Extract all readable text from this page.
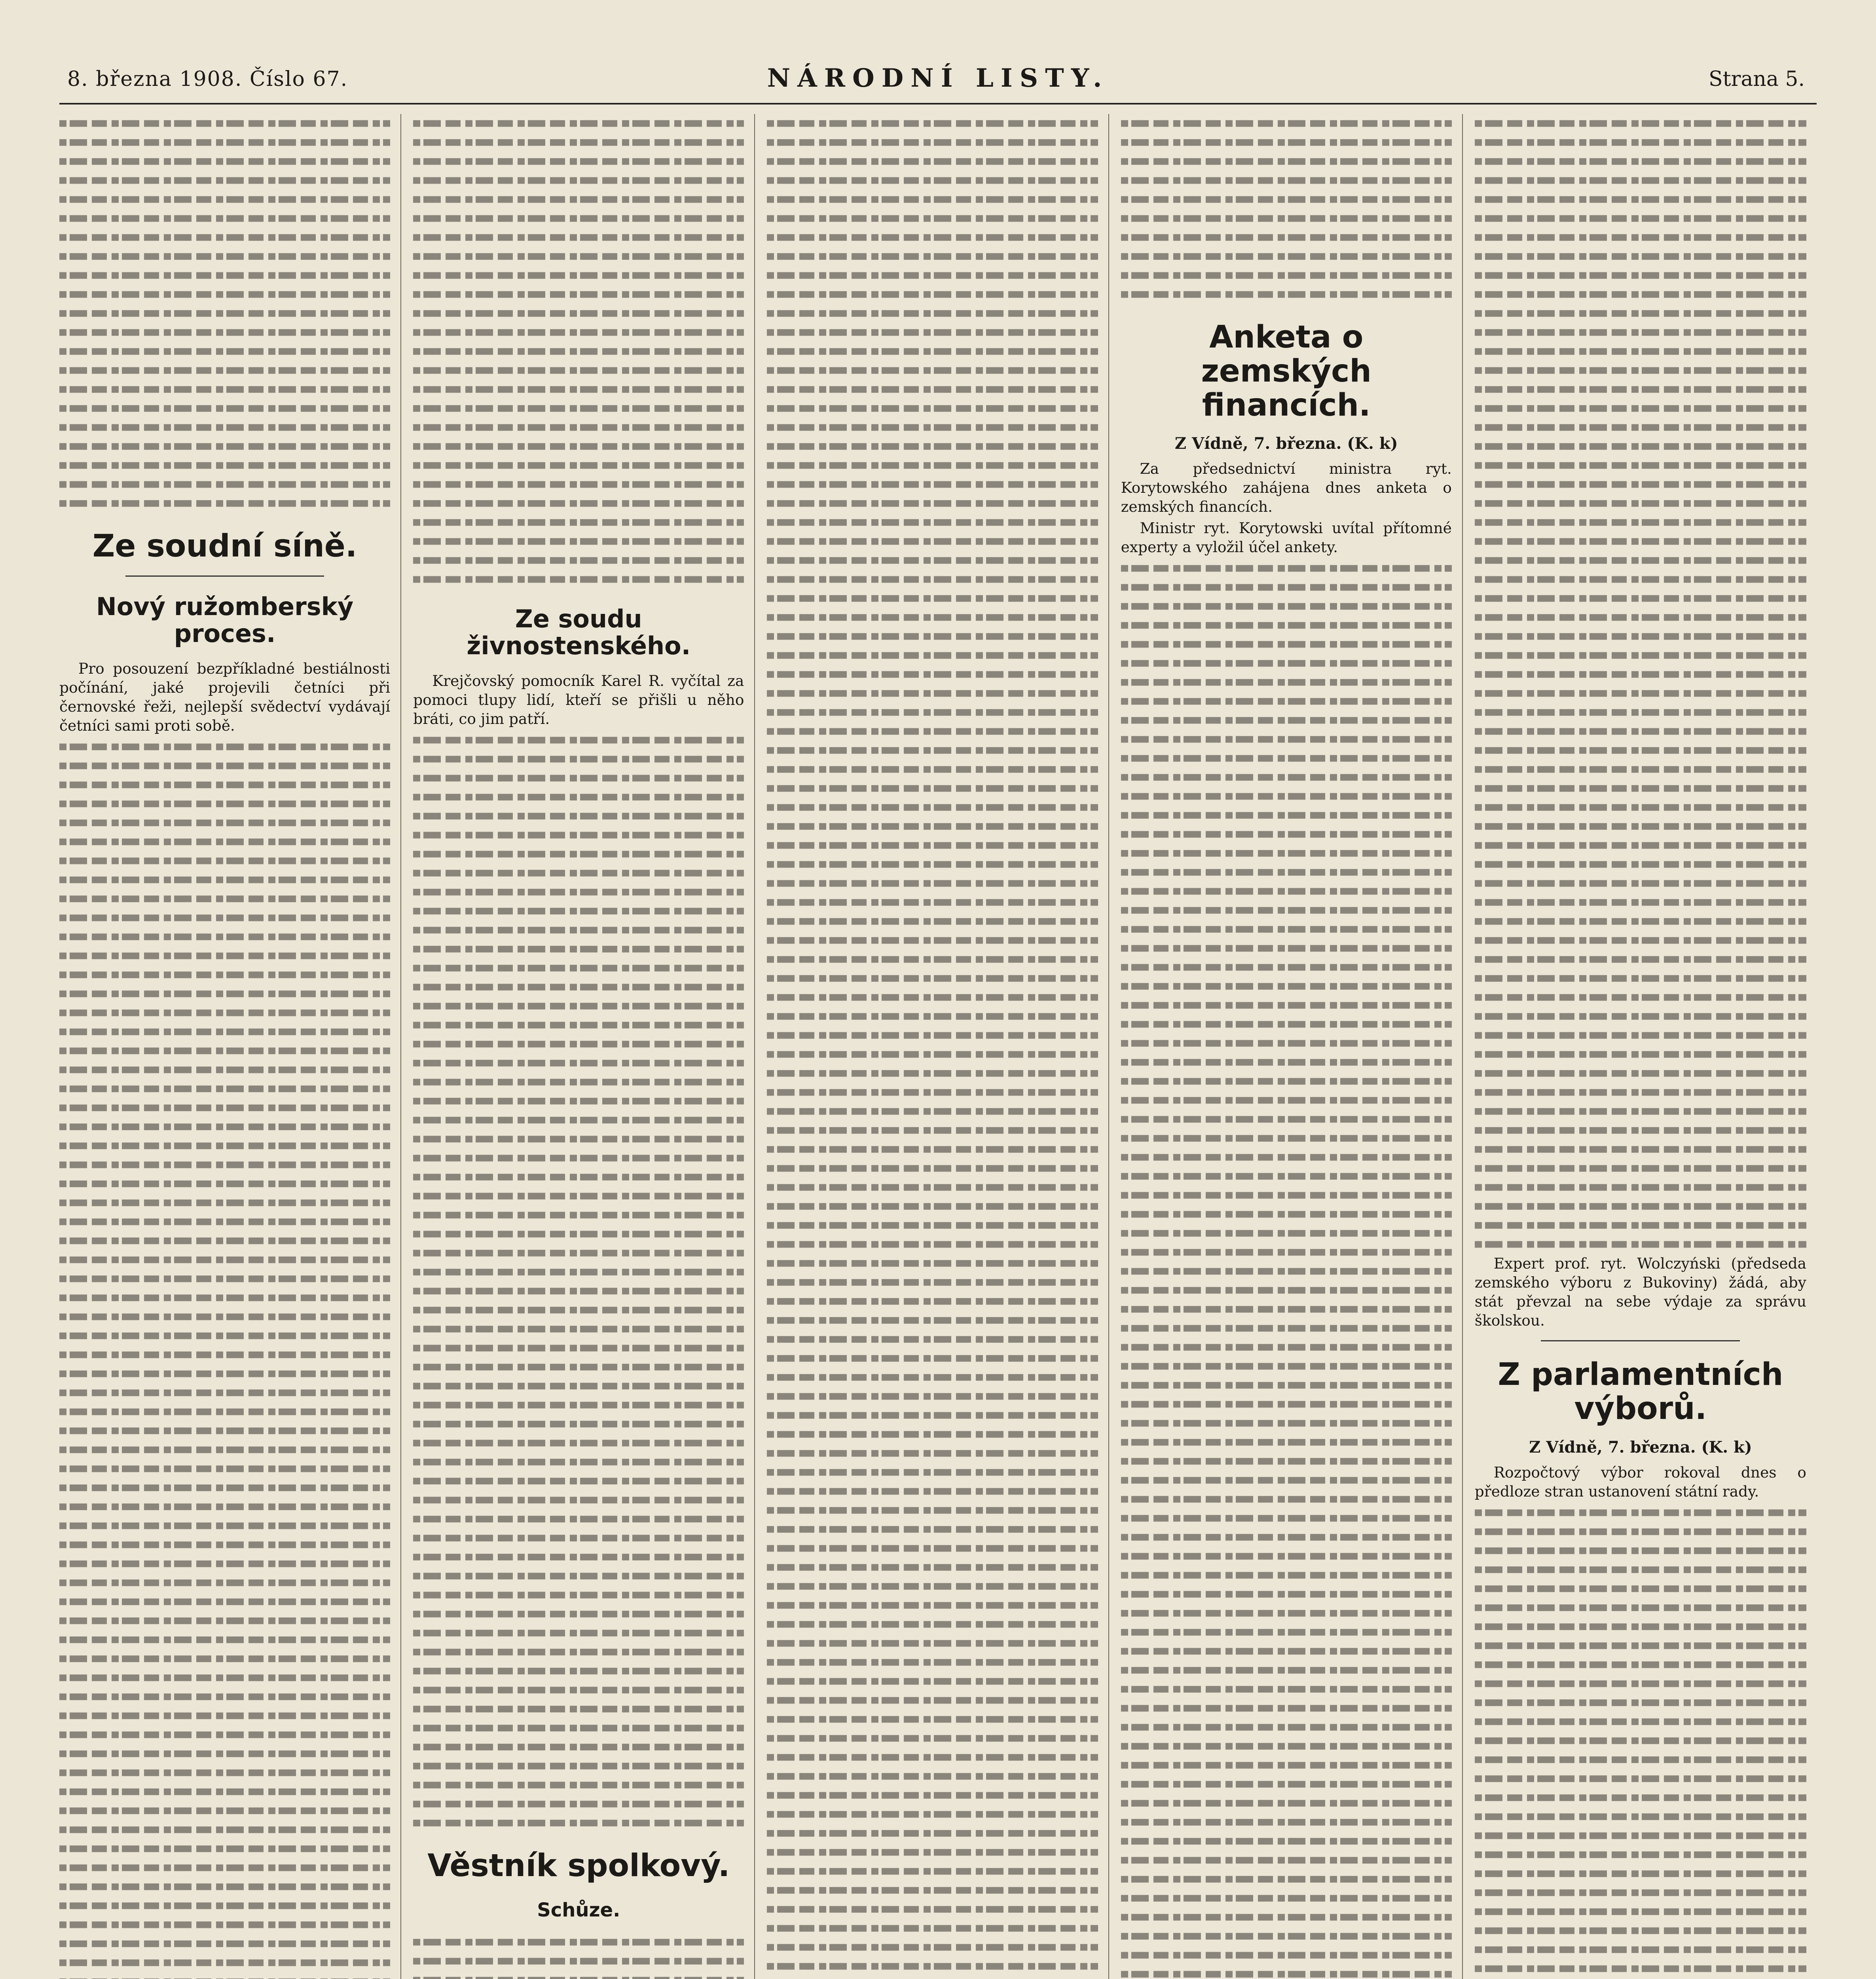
8. března 1908. Číslo 67.	NÁRODNÍ LISTY.	Strana 5.
Ze soudní síně.
Nový ružomberský proces.

Pro posouzení bezpříkladné bestiálnosti počínání, jaké projevili četníci při černovské řeži, nejlepší svědectví vydávají četníci sami proti sobě.

Ze soudu živnostenského.

Krejčovský pomocník Karel R. vyčítal za pomoci tlupy lidí, kteří se přišli u něho bráti, co jim patří.

Věstník spolkový.
Schůze.
Anketa o zemských financích.
Z Vídně, 7. března. (K. k)

Za předsednictví ministra ryt. Korytowského zahájena dnes anketa o zemských financích.

Ministr ryt. Korytowski uvítal přítomné experty a vyložil účel ankety.

Expert prof. ryt. Wolczyński (předseda zemského výboru z Bukoviny) žádá, aby stát převzal na sebe výdaje za správu školskou.

Z parlamentních výborů.
Z Vídně, 7. března. (K. k)

Rozpočtový výbor rokoval dnes o předloze stran ustanovení státní rady.
